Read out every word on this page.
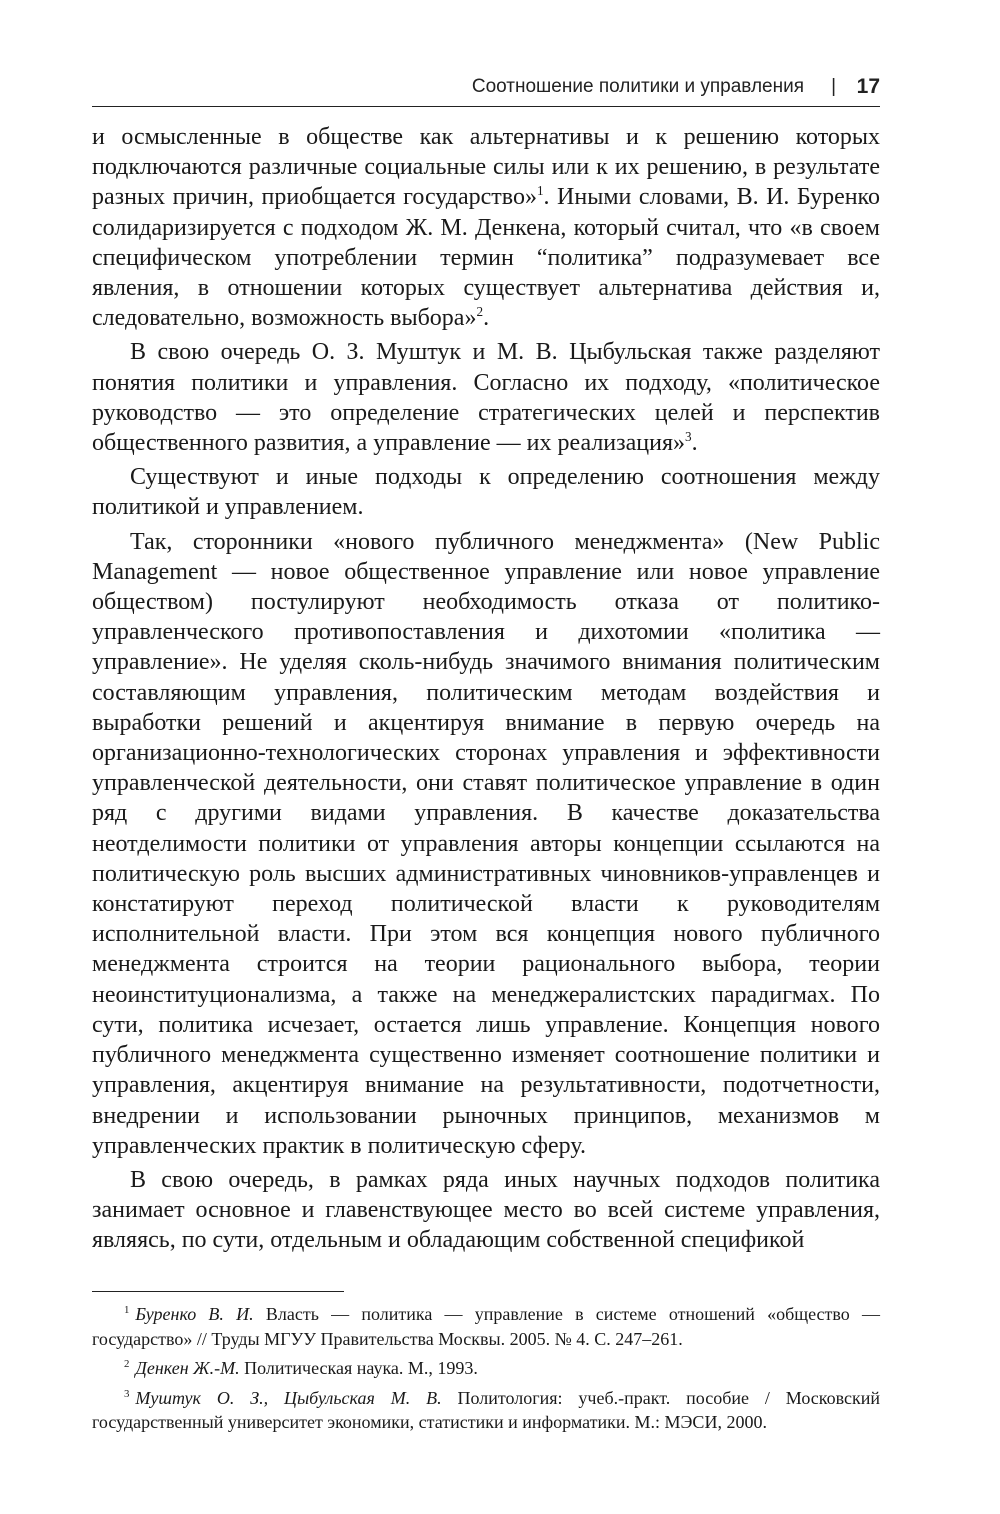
Соотношение политики и управления | 17

и осмысленные в обществе как альтернативы и к решению которых подключаются различные социальные силы или к их решению, в результате разных причин, приобщается государство»$^1$. Иными словами, В. И. Буренко солидаризируется с подходом Ж. М. Денкена, который считал, что «в своем специфическом употреблении термин “политика” подразумевает все явления, в отношении которых существует альтернатива действия и, следовательно, возможность выбора»$^2$.

В свою очередь О. З. Муштук и М. В. Цыбульская также разделяют понятия политики и управления. Согласно их подходу, «политическое руководство — это определение стратегических целей и перспектив общественного развития, а управление — их реализация»$^3$.

Существуют и иные подходы к определению соотношения между политикой и управлением.

Так, сторонники «нового публичного менеджмента» (New Public Management — новое общественное управление или новое управление обществом) постулируют необходимость отказа от политико-управленческого противопоставления и дихотомии «политика — управление». Не уделяя сколь-нибудь значимого внимания политическим составляющим управления, политическим методам воздействия и выработки решений и акцентируя внимание в первую очередь на организационно-технологических сторонах управления и эффективности управленческой деятельности, они ставят политическое управление в один ряд с другими видами управления. В качестве доказательства неотделимости политики от управления авторы концепции ссылаются на политическую роль высших административных чиновников-управленцев и констатируют переход политической власти к руководителям исполнительной власти. При этом вся концепция нового публичного менеджмента строится на теории рационального выбора, теории неоинституционализма, а также на менеджералистских парадигмах. По сути, политика исчезает, остается лишь управление. Концепция нового публичного менеджмента существенно изменяет соотношение политики и управления, акцентируя внимание на результативности, подотчетности, внедрении и использовании рыночных принципов, механизмов м управленческих практик в политическую сферу.

В свою очередь, в рамках ряда иных научных подходов политика занимает основное и главенствующее место во всей системе управления, являясь, по сути, отдельным и обладающим собственной спецификой

$^1$ Буренко В. И. Власть — политика — управление в системе отношений «общество — государство» // Труды МГУУ Правительства Москвы. 2005. № 4. С. 247–261.

$^2$ Денкен Ж.-М. Политическая наука. М., 1993.

$^3$ Муштук О. З., Цыбульская М. В. Политология: учеб.-практ. пособие / Московский государственный университет экономики, статистики и информатики. М.: МЭСИ, 2000.
